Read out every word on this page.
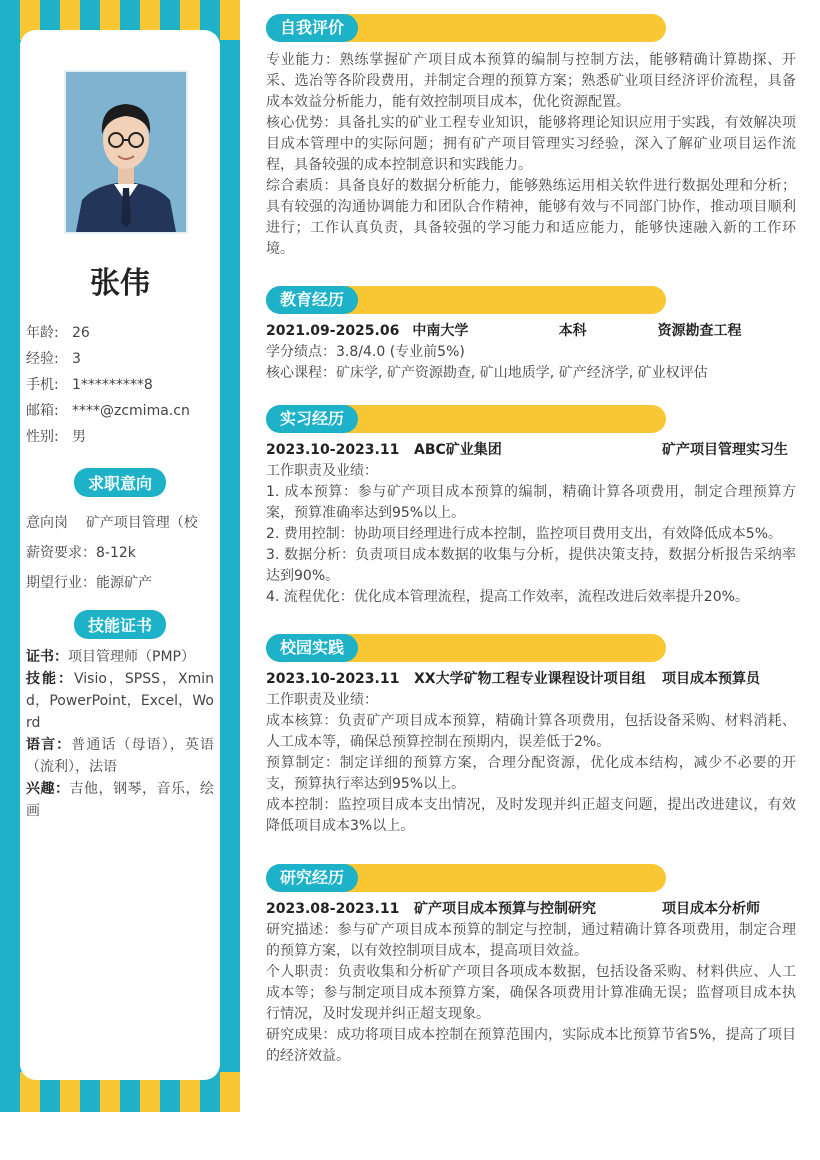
张伟
年龄: 26
经验: 3
手机: 1*********8
邮箱: ****@zcmima.cn
性别: 男
求职意向
意向岗 矿产项目管理（校
薪资要求：8-12k
期望行业：能源矿产
技能证书
证书：项目管理师（PMP）
技能：Visio，SPSS，Xmind，PowerPoint，Excel，Word
语言：普通话（母语），英语（流利），法语
兴趣：吉他，钢琴，音乐，绘画
自我评价
专业能力：熟练掌握矿产项目成本预算的编制与控制方法，能够精确计算勘探、开采、选冶等各阶段费用，并制定合理的预算方案；熟悉矿业项目经济评价流程，具备成本效益分析能力，能有效控制项目成本，优化资源配置。
核心优势：具备扎实的矿业工程专业知识，能够将理论知识应用于实践，有效解决项目成本管理中的实际问题；拥有矿产项目管理实习经验，深入了解矿业项目运作流程，具备较强的成本控制意识和实践能力。
综合素质：具备良好的数据分析能力，能够熟练运用相关软件进行数据处理和分析；具有较强的沟通协调能力和团队合作精神，能够有效与不同部门协作，推动项目顺利进行；工作认真负责，具备较强的学习能力和适应能力，能够快速融入新的工作环境。
教育经历
2021.09-2025.06 中南大学	本科	资源勘查工程
学分绩点：3.8/4.0 (专业前5%)
核心课程：矿床学, 矿产资源勘查, 矿山地质学, 矿产经济学, 矿业权评估
实习经历
2023.10-2023.11	ABC矿业集团	矿产项目管理实习生
工作职责及业绩：
1. 成本预算：参与矿产项目成本预算的编制，精确计算各项费用，制定合理预算方案，预算准确率达到95%以上。
2. 费用控制：协助项目经理进行成本控制，监控项目费用支出，有效降低成本5%。
3. 数据分析：负责项目成本数据的收集与分析，提供决策支持，数据分析报告采纳率达到90%。
4. 流程优化：优化成本管理流程，提高工作效率，流程改进后效率提升20%。
校园实践
2023.10-2023.11	XX大学矿物工程专业课程设计项目组	项目成本预算员
工作职责及业绩：
成本核算：负责矿产项目成本预算，精确计算各项费用，包括设备采购、材料消耗、人工成本等，确保总预算控制在预期内，误差低于2%。
预算制定：制定详细的预算方案，合理分配资源，优化成本结构，减少不必要的开支，预算执行率达到95%以上。
成本控制：监控项目成本支出情况，及时发现并纠正超支问题，提出改进建议，有效降低项目成本3%以上。
研究经历
2023.08-2023.11	矿产项目成本预算与控制研究	项目成本分析师
研究描述：参与矿产项目成本预算的制定与控制，通过精确计算各项费用，制定合理的预算方案，以有效控制项目成本，提高项目效益。
个人职责：负责收集和分析矿产项目各项成本数据，包括设备采购、材料供应、人工成本等；参与制定项目成本预算方案，确保各项费用计算准确无误；监督项目成本执行情况，及时发现并纠正超支现象。
研究成果：成功将项目成本控制在预算范围内，实际成本比预算节省5%，提高了项目的经济效益。
